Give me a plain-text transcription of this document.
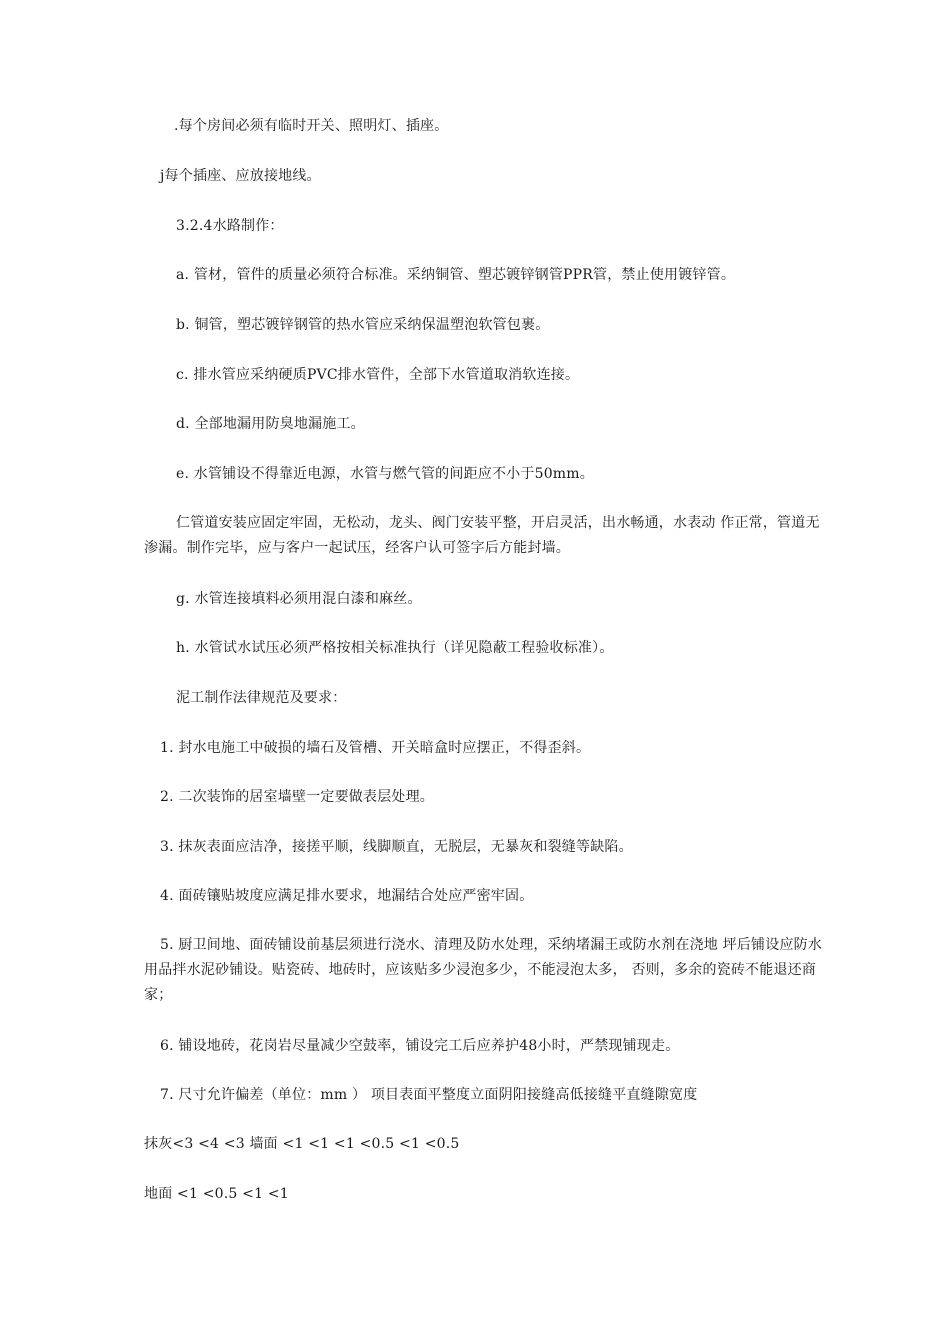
.每个房间必须有临时开关、照明灯、插座。
j每个插座、应放接地线。
3.2.4水路制作：
a. 管材，管件的质量必须符合标准。采纳铜管、塑芯镀锌钢管PPR管，禁止使用镀锌管。
b. 铜管，塑芯镀锌钢管的热水管应采纳保温塑泡软管包裹。
c. 排水管应采纳硬质PVC排水管件，全部下水管道取消软连接。
d. 全部地漏用防臭地漏施工。
e. 水管铺设不得靠近电源，水管与燃气管的间距应不小于50mm。
仁管道安装应固定牢固，无松动，龙头、阀门安装平整，开启灵活，出水畅通，水表动 作正常，管道无渗漏。制作完毕，应与客户一起试压，经客户认可签字后方能封墙。
g. 水管连接填料必须用混白漆和麻丝。
h. 水管试水试压必须严格按相关标准执行（详见隐蔽工程验收标准）。
泥工制作法律规范及要求：
1. 封水电施工中破损的墙石及管槽、开关暗盒时应摆正，不得歪斜。
2. 二次装饰的居室墙壁一定要做表层处理。
3. 抹灰表面应洁净，接搓平顺，线脚顺直，无脱层，无暴灰和裂缝等缺陷。
4. 面砖镶贴坡度应满足排水要求，地漏结合处应严密牢固。
5. 厨卫间地、面砖铺设前基层须进行浇水、清理及防水处理，采纳堵漏王或防水剂在浇地 坪后铺设应防水用品拌水泥砂铺设。贴瓷砖、地砖时，应该贴多少浸泡多少，不能浸泡太多， 否则，多余的瓷砖不能退还商家；
6. 铺设地砖，花岗岩尽量减少空鼓率，铺设完工后应养护48小时，严禁现铺现走。
7. 尺寸允许偏差（单位：mm ） 项目表面平整度立面阴阳接缝高低接缝平直缝隙宽度
抹灰<3 <4 <3 墙面 <1 <1 <1 <0.5 <1 <0.5
地面 <1 <0.5 <1 <1
